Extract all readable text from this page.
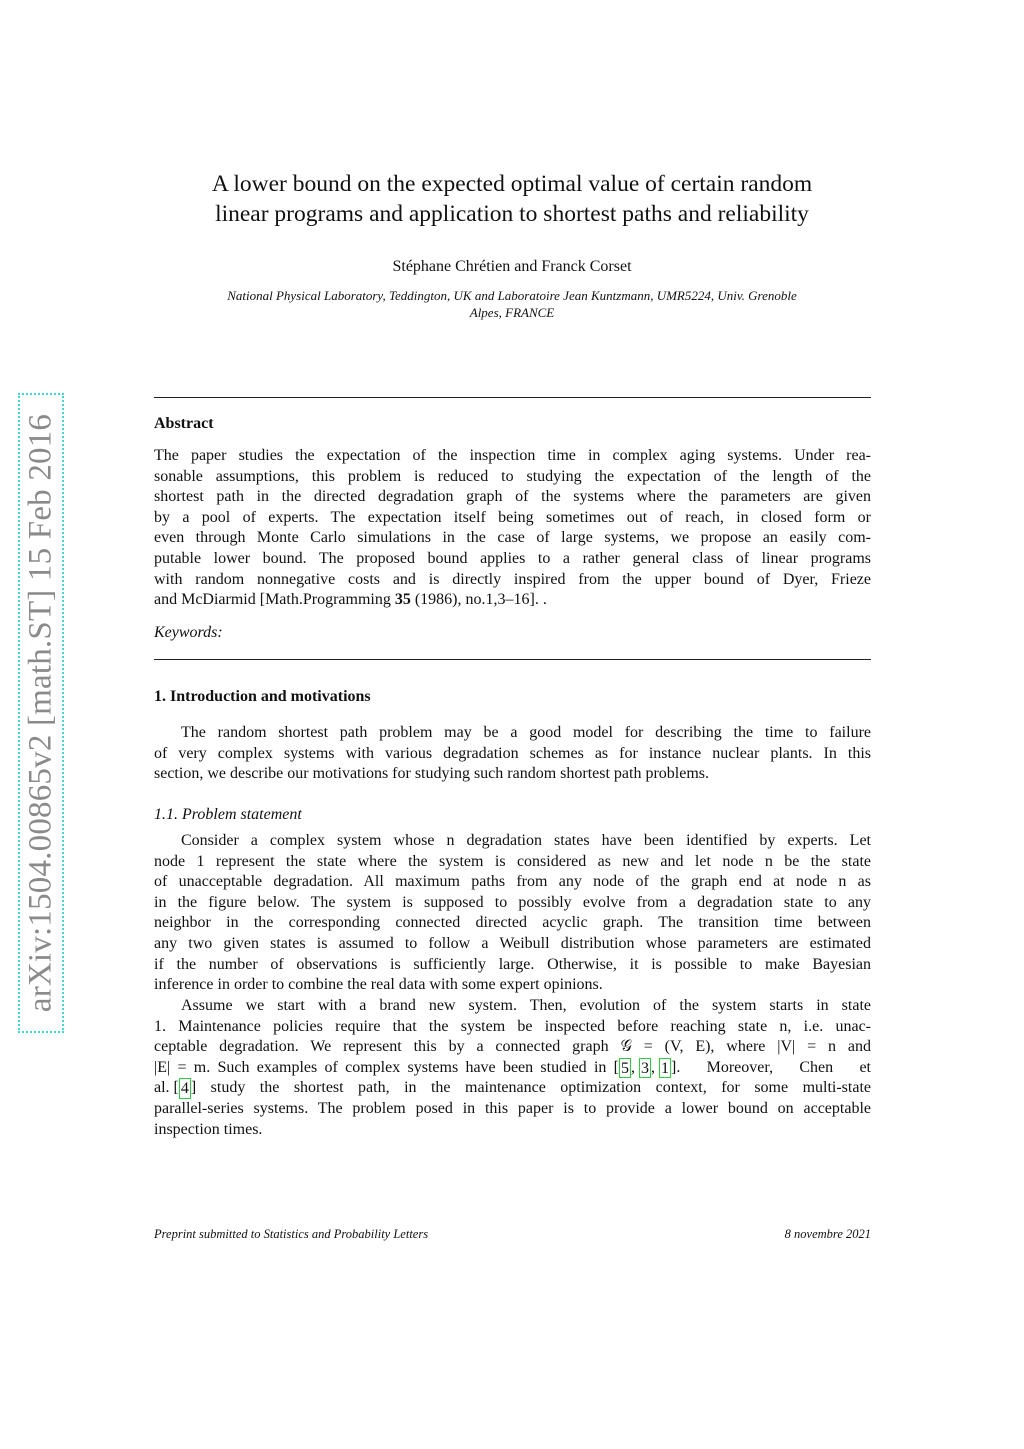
arXiv:1504.00865v2 [math.ST] 15 Feb 2016
A lower bound on the expected optimal value of certain random
linear programs and application to shortest paths and reliability
Stéphane Chrétien and Franck Corset
National Physical Laboratory, Teddington, UK and Laboratoire Jean Kuntzmann, UMR5224, Univ. Grenoble
Alpes, FRANCE
Abstract
The paper studies the expectation of the inspection time in complex aging systems. Under rea-
sonable assumptions, this problem is reduced to studying the expectation of the length of the
shortest path in the directed degradation graph of the systems where the parameters are given
by a pool of experts. The expectation itself being sometimes out of reach, in closed form or
even through Monte Carlo simulations in the case of large systems, we propose an easily com-
putable lower bound. The proposed bound applies to a rather general class of linear programs
with random nonnegative costs and is directly inspired from the upper bound of Dyer, Frieze
and McDiarmid [Math.Programming 35 (1986), no.1,3–16]. .
Keywords:
1. Introduction and motivations
The random shortest path problem may be a good model for describing the time to failure
of very complex systems with various degradation schemes as for instance nuclear plants. In this
section, we describe our motivations for studying such random shortest path problems.
1.1. Problem statement
Consider a complex system whose n degradation states have been identified by experts. Let
node 1 represent the state where the system is considered as new and let node n be the state
of unacceptable degradation. All maximum paths from any node of the graph end at node n as
in the figure below. The system is supposed to possibly evolve from a degradation state to any
neighbor in the corresponding connected directed acyclic graph. The transition time between
any two given states is assumed to follow a Weibull distribution whose parameters are estimated
if the number of observations is sufficiently large. Otherwise, it is possible to make Bayesian
inference in order to combine the real data with some expert opinions.
Assume we start with a brand new system. Then, evolution of the system starts in state
1. Maintenance policies require that the system be inspected before reaching state n, i.e. unac-
ceptable degradation. We represent this by a connected graph 𝒢 = (V, E), where |V| = n and
|E| = m. Such examples of complex systems have been studied in [ 5 , 3 , 1 ]. Moreover, Chen et
al. [ 4 ] study the shortest path, in the maintenance optimization context, for some multi-state
parallel-series systems. The problem posed in this paper is to provide a lower bound on acceptable
inspection times.
Preprint submitted to Statistics and Probability Letters	8 novembre 2021
